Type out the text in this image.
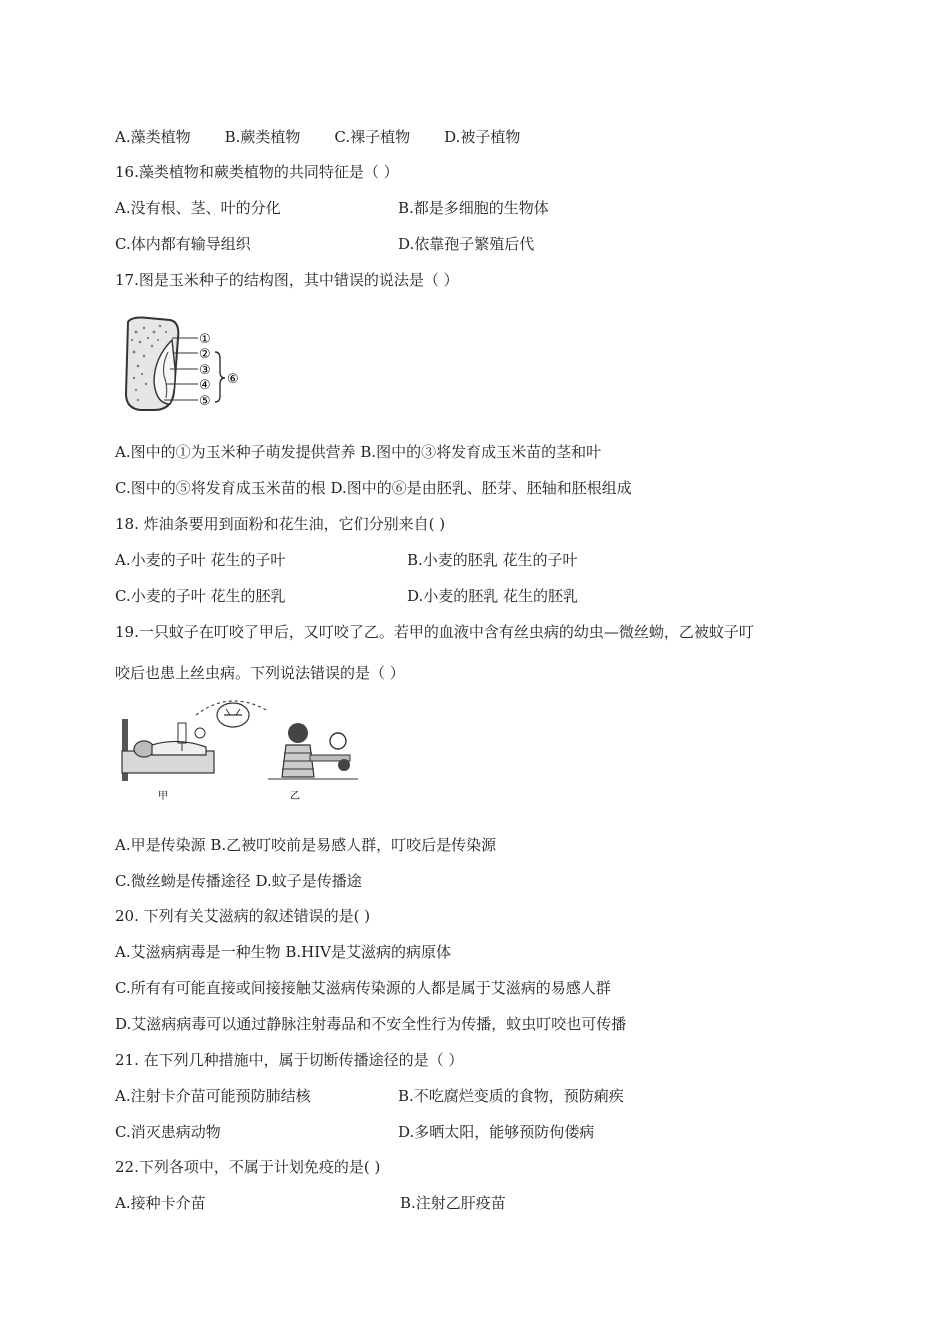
A.藻类植物 B.蕨类植物 C.裸子植物 D.被子植物
16.藻类植物和蕨类植物的共同特征是（ ）
A.没有根、茎、叶的分化	B.都是多细胞的生物体
C.体内都有输导组织	D.依靠孢子繁殖后代
17.图是玉米种子的结构图，其中错误的说法是（ ）
①
②
③
④
⑤
⑥
A.图中的①为玉米种子萌发提供营养 B.图中的③将发育成玉米苗的茎和叶
C.图中的⑤将发育成玉米苗的根 D.图中的⑥是由胚乳、胚芽、胚轴和胚根组成
18. 炸油条要用到面粉和花生油，它们分别来自( )
A.小麦的子叶 花生的子叶	B.小麦的胚乳 花生的子叶
C.小麦的子叶 花生的胚乳	D.小麦的胚乳 花生的胚乳
19.一只蚊子在叮咬了甲后，又叮咬了乙。若甲的血液中含有丝虫病的幼虫—微丝蚴，乙被蚊子叮
咬后也患上丝虫病。下列说法错误的是（ ）
甲	乙
A.甲是传染源 B.乙被叮咬前是易感人群，叮咬后是传染源
C.微丝蚴是传播途径 D.蚊子是传播途
20. 下列有关艾滋病的叙述错误的是( )
A.艾滋病病毒是一种生物 B.HIV是艾滋病的病原体
C.所有有可能直接或间接接触艾滋病传染源的人都是属于艾滋病的易感人群
D.艾滋病病毒可以通过静脉注射毒品和不安全性行为传播，蚊虫叮咬也可传播
21. 在下列几种措施中，属于切断传播途径的是（ ）
A.注射卡介苗可能预防肺结核	B.不吃腐烂变质的食物，预防痢疾
C.消灭患病动物	D.多晒太阳，能够预防佝偻病
22.下列各项中，不属于计划免疫的是( )
A.接种卡介苗	B.注射乙肝疫苗
